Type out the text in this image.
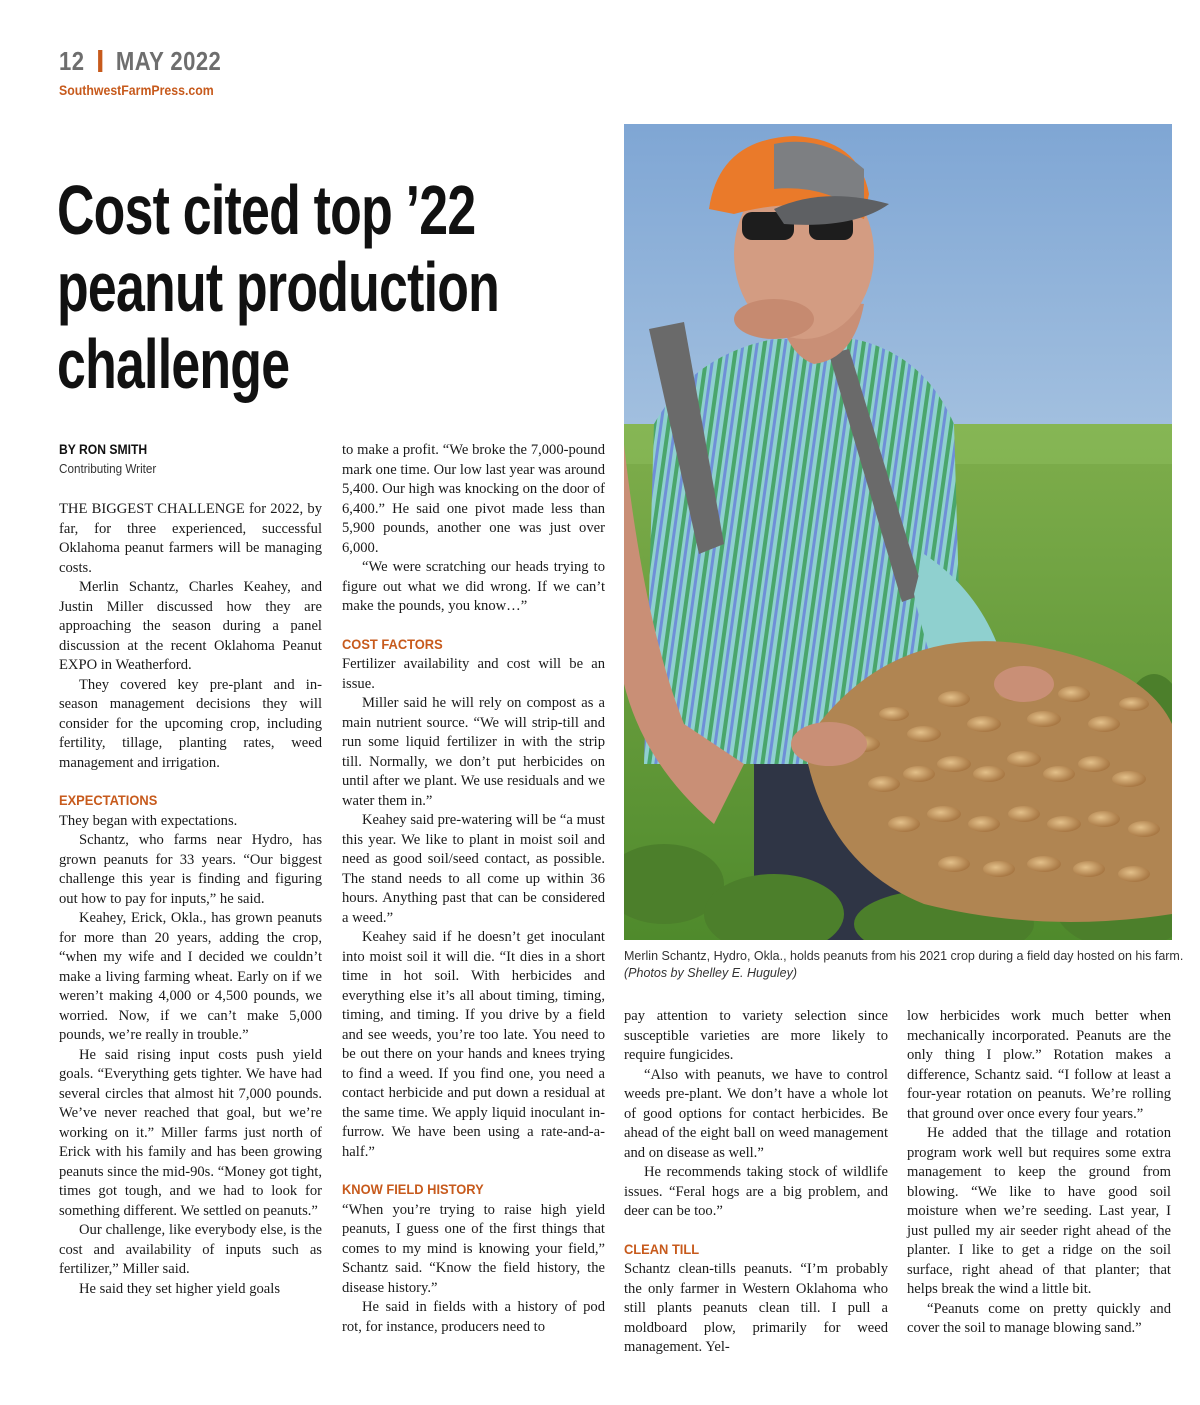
12 MAY 2022
SouthwestFarmPress.com
Cost cited top ’22
peanut production
challenge
BY RON SMITH
Contributing Writer

THE BIGGEST CHALLENGE for 2022, by far, for three experienced, successful Oklahoma peanut farmers will be managing costs.

Merlin Schantz, Charles Keahey, and Justin Miller discussed how they are approaching the season during a panel discussion at the recent Oklahoma Peanut EXPO in Weatherford.

They covered key pre-plant and in-season management decisions they will consider for the upcoming crop, including fertility, tillage, planting rates, weed management and irrigation.

EXPECTATIONS

They began with expectations.

Schantz, who farms near Hydro, has grown peanuts for 33 years. “Our biggest challenge this year is finding and figuring out how to pay for inputs,” he said.

Keahey, Erick, Okla., has grown peanuts for more than 20 years, adding the crop, “when my wife and I decided we couldn’t make a living farming wheat. Early on if we weren’t making 4,000 or 4,500 pounds, we worried. Now, if we can’t make 5,000 pounds, we’re really in trouble.”

He said rising input costs push yield goals. “Everything gets tighter. We have had several circles that almost hit 7,000 pounds. We’ve never reached that goal, but we’re working on it.” Miller farms just north of Erick with his family and has been growing peanuts since the mid-90s. “Money got tight, times got tough, and we had to look for something different. We settled on peanuts.”

Our challenge, like everybody else, is the cost and availability of inputs such as fertilizer,” Miller said.

He said they set higher yield goals

to make a profit. “We broke the 7,000-pound mark one time. Our low last year was around 5,400. Our high was knocking on the door of 6,400.” He said one pivot made less than 5,900 pounds, another one was just over 6,000.

“We were scratching our heads trying to figure out what we did wrong. If we can’t make the pounds, you know…”

COST FACTORS

Fertilizer availability and cost will be an issue.

Miller said he will rely on compost as a main nutrient source. “We will strip-till and run some liquid fertilizer in with the strip till. Normally, we don’t put herbicides on until after we plant. We use residuals and we water them in.”

Keahey said pre-watering will be “a must this year. We like to plant in moist soil and need as good soil/seed contact, as possible. The stand needs to all come up within 36 hours. Anything past that can be considered a weed.”

Keahey said if he doesn’t get inoculant into moist soil it will die. “It dies in a short time in hot soil. With herbicides and everything else it’s all about timing, timing, timing, and timing. If you drive by a field and see weeds, you’re too late. You need to be out there on your hands and knees trying to find a weed. If you find one, you need a contact herbicide and put down a residual at the same time. We apply liquid inoculant in-furrow. We have been using a rate-and-a-half.”

KNOW FIELD HISTORY

“When you’re trying to raise high yield peanuts, I guess one of the first things that comes to my mind is knowing your field,” Schantz said. “Know the field history, the disease history.”

He said in fields with a history of pod rot, for instance, producers need to

Merlin Schantz, Hydro, Okla., holds peanuts from his 2021 crop during a field day hosted on his farm.
(Photos by Shelley E. Huguley)

pay attention to variety selection since susceptible varieties are more likely to require fungicides.

“Also with peanuts, we have to control weeds pre-plant. We don’t have a whole lot of good options for contact herbicides. Be ahead of the eight ball on weed management and on disease as well.”

He recommends taking stock of wildlife issues. “Feral hogs are a big problem, and deer can be too.”

CLEAN TILL

Schantz clean-tills peanuts. “I’m probably the only farmer in Western Oklahoma who still plants peanuts clean till. I pull a moldboard plow, primarily for weed management. Yel-

low herbicides work much better when mechanically incorporated. Peanuts are the only thing I plow.” Rotation makes a difference, Schantz said. “I follow at least a four-year rotation on peanuts. We’re rolling that ground over once every four years.”

He added that the tillage and rotation program work well but requires some extra management to keep the ground from blowing. “We like to have good soil moisture when we’re seeding. Last year, I just pulled my air seeder right ahead of the planter. I like to get a ridge on the soil surface, right ahead of that planter; that helps break the wind a little bit.

“Peanuts come on pretty quickly and cover the soil to manage blowing sand.”
